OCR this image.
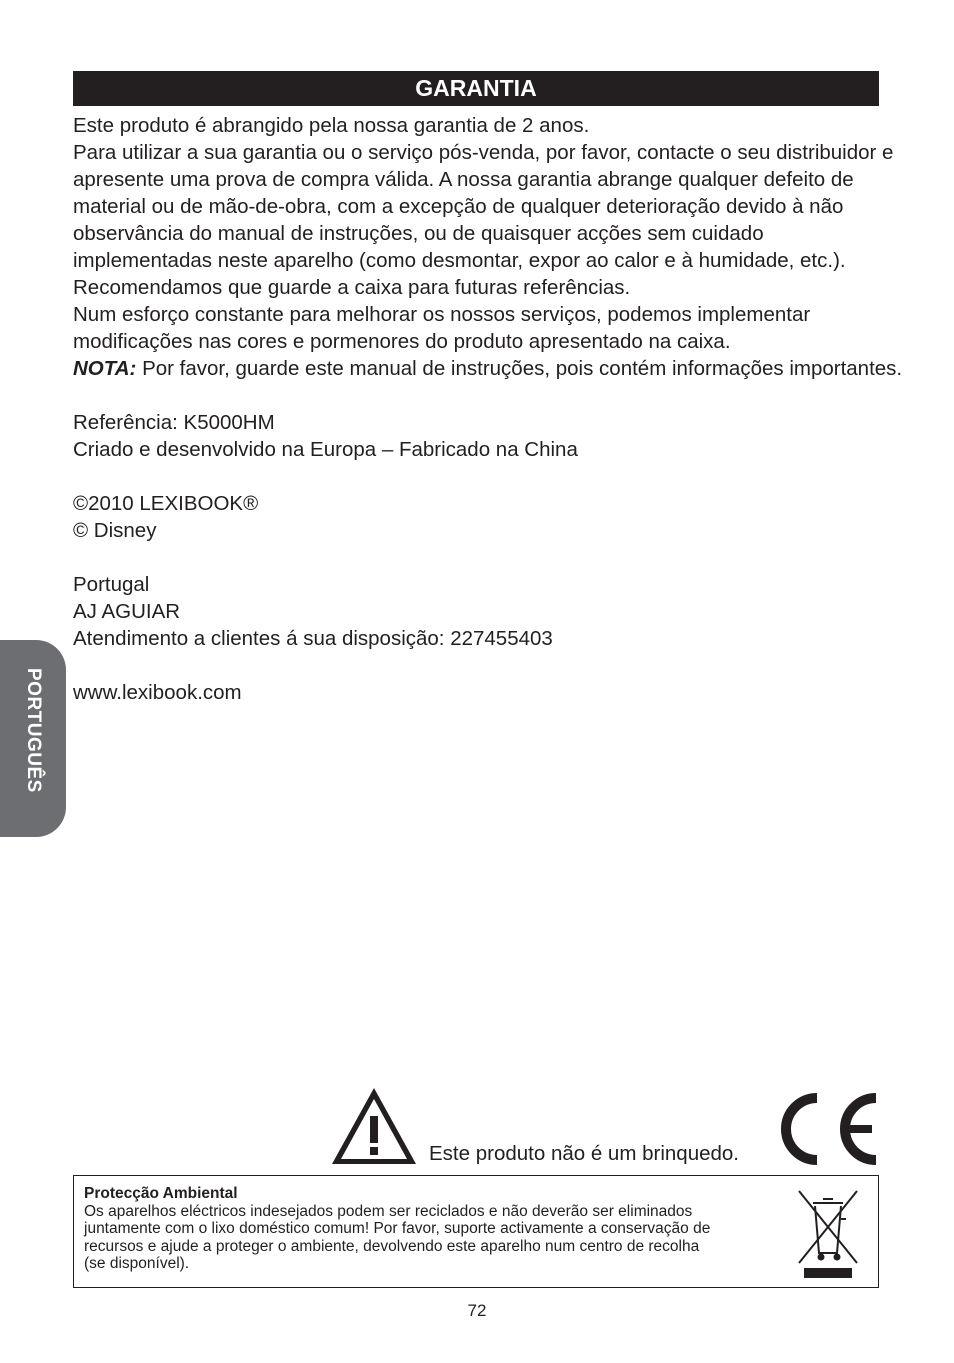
GARANTIA

Este produto é abrangido pela nossa garantia de 2 anos.

Para utilizar a sua garantia ou o serviço pós-venda, por favor, contacte o seu distribuidor e apresente uma prova de compra válida. A nossa garantia abrange qualquer defeito de material ou de mão-de-obra, com a excepção de qualquer deterioração devido à não observância do manual de instruções, ou de quaisquer acções sem cuidado implementadas neste aparelho (como desmontar, expor ao calor e à humidade, etc.). Recomendamos que guarde a caixa para futuras referências.

Num esforço constante para melhorar os nossos serviços, podemos implementar modificações nas cores e pormenores do produto apresentado na caixa.

NOTA: Por favor, guarde este manual de instruções, pois contém informações importantes.

Referência: K5000HM

Criado e desenvolvido na Europa – Fabricado na China

©2010 LEXIBOOK®

© Disney

Portugal

AJ AGUIAR

Atendimento a clientes á sua disposição: 227455403

www.lexibook.com

PORTUGUÊS
Este produto não é um brinquedo.
Protecção Ambiental
Os aparelhos eléctricos indesejados podem ser reciclados e não deverão ser eliminados
juntamente com o lixo doméstico comum! Por favor, suporte activamente a conservação de
recursos e ajude a proteger o ambiente, devolvendo este aparelho num centro de recolha
(se disponível).
72
